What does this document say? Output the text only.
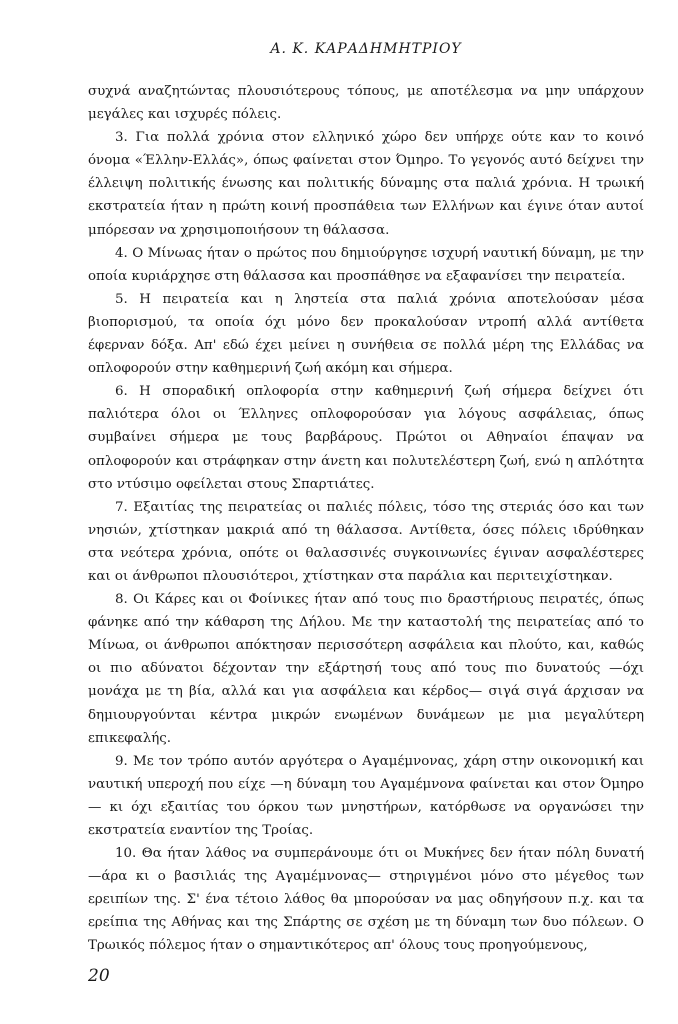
Α. Κ. ΚΑΡΑΔΗΜΗΤΡΙΟΥ

συχνά αναζητώντας πλουσιότερους τόπους, με αποτέλεσμα να μην υπάρχουν μεγάλες και ισχυρές πόλεις.

3. Για πολλά χρόνια στον ελληνικό χώρο δεν υπήρχε ούτε καν το κοινό όνομα «Έλλην-Ελλάς», όπως φαίνεται στον Όμηρο. Το γεγονός αυτό δείχνει την έλλειψη πολιτικής ένωσης και πολιτικής δύναμης στα παλιά χρόνια. Η τρωική εκστρατεία ήταν η πρώτη κοινή προσπάθεια των Ελλήνων και έγινε όταν αυτοί μπόρεσαν να χρησιμοποιήσουν τη θάλασσα.

4. Ο Μίνωας ήταν ο πρώτος που δημιούργησε ισχυρή ναυτική δύναμη, με την οποία κυριάρχησε στη θάλασσα και προσπάθησε να εξαφανίσει την πειρατεία.

5. Η πειρατεία και η ληστεία στα παλιά χρόνια αποτελούσαν μέσα βιοπορισμού, τα οποία όχι μόνο δεν προκαλούσαν ντροπή αλλά αντίθετα έφερναν δόξα. Απ' εδώ έχει μείνει η συνήθεια σε πολλά μέρη της Ελλάδας να οπλοφορούν στην καθημερινή ζωή ακόμη και σήμερα.

6. Η σποραδική οπλοφορία στην καθημερινή ζωή σήμερα δείχνει ότι παλιότερα όλοι οι Έλληνες οπλοφορούσαν για λόγους ασφάλειας, όπως συμβαίνει σήμερα με τους βαρβάρους. Πρώτοι οι Αθηναίοι έπαψαν να οπλοφορούν και στράφηκαν στην άνετη και πολυτελέστερη ζωή, ενώ η απλότητα στο ντύσιμο οφείλεται στους Σπαρτιάτες.

7. Εξαιτίας της πειρατείας οι παλιές πόλεις, τόσο της στεριάς όσο και των νησιών, χτίστηκαν μακριά από τη θάλασσα. Αντίθετα, όσες πόλεις ιδρύθηκαν στα νεότερα χρόνια, οπότε οι θαλασσινές συγκοινωνίες έγιναν ασφαλέστερες και οι άνθρωποι πλουσιότεροι, χτίστηκαν στα παράλια και περιτειχίστηκαν.

8. Οι Κάρες και οι Φοίνικες ήταν από τους πιο δραστήριους πειρατές, όπως φάνηκε από την κάθαρση της Δήλου. Με την καταστολή της πειρατείας από το Μίνωα, οι άνθρωποι απόκτησαν περισσότερη ασφάλεια και πλούτο, και, καθώς οι πιο αδύνατοι δέχονταν την εξάρτησή τους από τους πιο δυνατούς —όχι μονάχα με τη βία, αλλά και για ασφάλεια και κέρδος— σιγά σιγά άρχισαν να δημιουργούνται κέντρα μικρών ενωμένων δυνάμεων με μια μεγαλύτερη επικεφαλής.

9. Με τον τρόπο αυτόν αργότερα ο Αγαμέμνονας, χάρη στην οικονομική και ναυτική υπεροχή που είχε —η δύναμη του Αγαμέμνονα φαίνεται και στον Όμηρο— κι όχι εξαιτίας του όρκου των μνηστήρων, κατόρθωσε να οργανώσει την εκστρατεία εναντίον της Τροίας.

10. Θα ήταν λάθος να συμπεράνουμε ότι οι Μυκήνες δεν ήταν πόλη δυνατή —άρα κι ο βασιλιάς της Αγαμέμνονας— στηριγμένοι μόνο στο μέγεθος των ερειπίων της. Σ' ένα τέτοιο λάθος θα μπορούσαν να μας οδηγήσουν π.χ. και τα ερείπια της Αθήνας και της Σπάρτης σε σχέση με τη δύναμη των δυο πόλεων. Ο Τρωικός πόλεμος ήταν ο σημαντικότερος απ' όλους τους προηγούμενους,

20
